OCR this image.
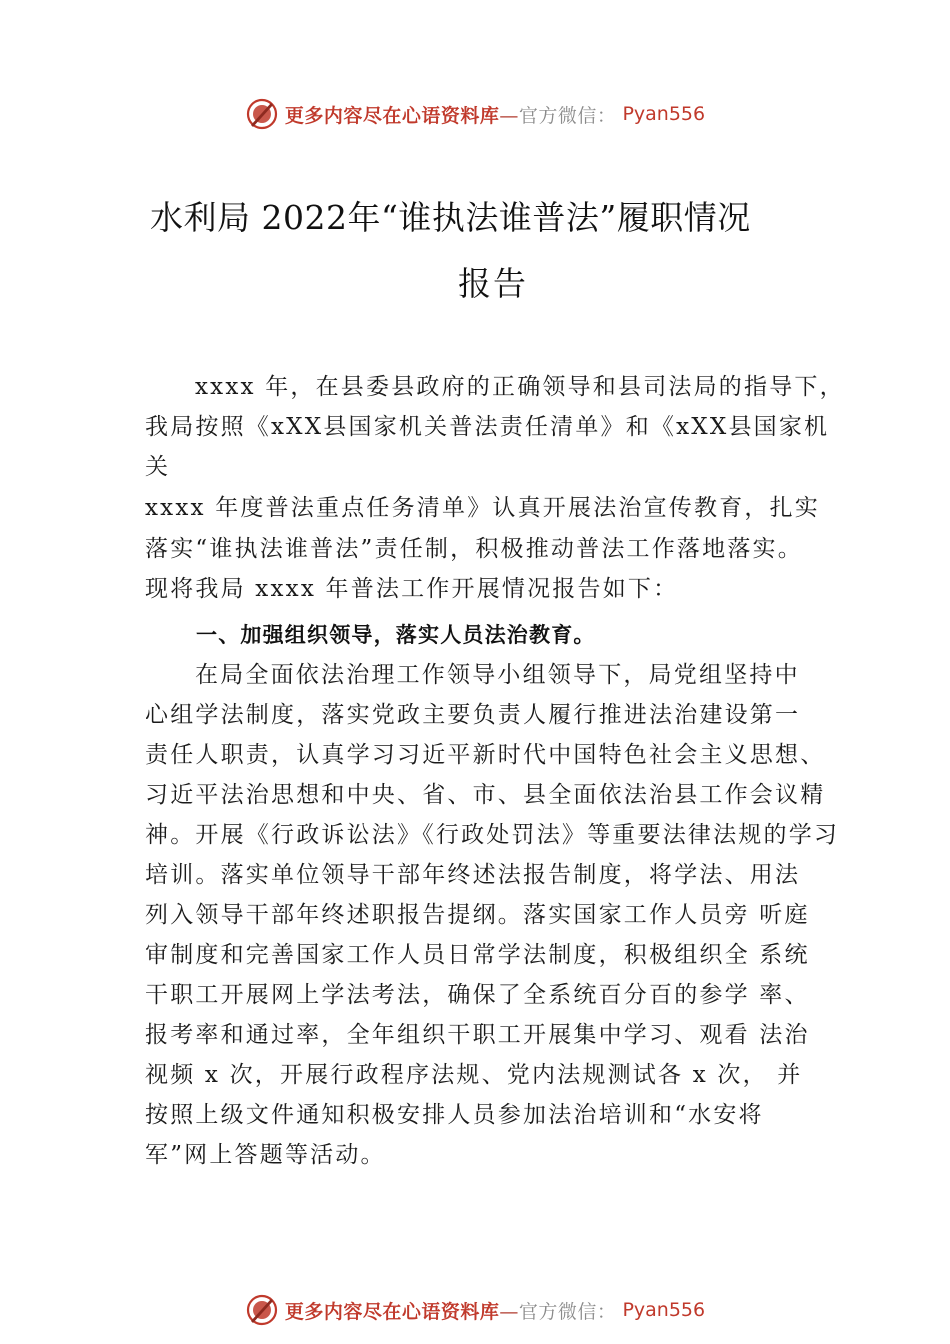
更多内容尽在心语资料库—官方微信： Pyan556
水利局 2022年“谁执法谁普法”履职情况
报告
xxxx 年，在县委县政府的正确领导和县司法局的指导下，
我局按照《xXX县国家机关普法责任清单》和《xXX县国家机
关
xxxx 年度普法重点任务清单》认真开展法治宣传教育，扎实
落实“谁执法谁普法”责任制，积极推动普法工作落地落实。
现将我局 xxxx 年普法工作开展情况报告如下：
一、加强组织领导，落实人员法治教育。
在局全面依法治理工作领导小组领导下，局党组坚持中
心组学法制度，落实党政主要负责人履行推进法治建设第一
责任人职责，认真学习习近平新时代中国特色社会主义思想、
习近平法治思想和中央、省、市、县全面依法治县工作会议精
神。开展《行政诉讼法》《行政处罚法》等重要法律法规的学习
培训。落实单位领导干部年终述法报告制度，将学法、用法
列入领导干部年终述职报告提纲。落实国家工作人员旁 听庭
审制度和完善国家工作人员日常学法制度，积极组织全 系统
干职工开展网上学法考法，确保了全系统百分百的参学 率、
报考率和通过率，全年组织干职工开展集中学习、观看 法治
视频 x 次，开展行政程序法规、党内法规测试各 x 次， 并
按照上级文件通知积极安排人员参加法治培训和“水安将
军”网上答题等活动。
更多内容尽在心语资料库—官方微信： Pyan556
